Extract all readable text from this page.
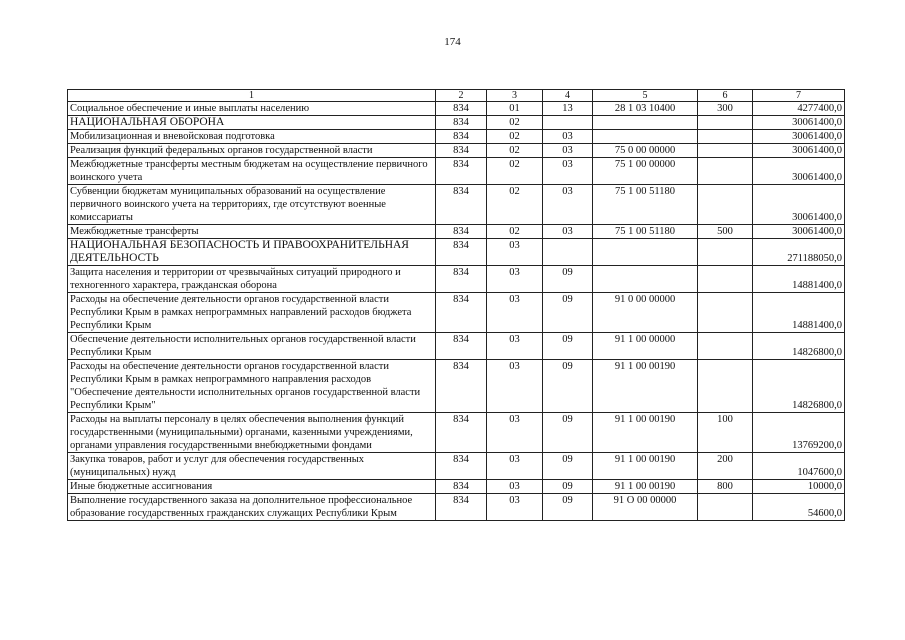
174
1	2	3	4	5	6	7
Социальное обеспечение и иные выплаты населению	834	01	13	28 1 03 10400	300	4277400,0
НАЦИОНАЛЬНАЯ ОБОРОНА	834	02				30061400,0
Мобилизационная и вневойсковая подготовка	834	02	03			30061400,0
Реализация функций федеральных органов государственной власти	834	02	03	75 0 00 00000		30061400,0
Межбюджетные трансферты местным бюджетам на осуществление первичного воинского учета	834	02	03	75 1 00 00000		30061400,0
Субвенции бюджетам муниципальных образований на осуществление первичного воинского учета на территориях, где отсутствуют военные комиссариаты	834	02	03	75 1 00 51180		30061400,0
Межбюджетные трансферты	834	02	03	75 1 00 51180	500	30061400,0
НАЦИОНАЛЬНАЯ БЕЗОПАСНОСТЬ И ПРАВООХРАНИТЕЛЬНАЯ ДЕЯТЕЛЬНОСТЬ	834	03				271188050,0
Защита населения и территории от чрезвычайных ситуаций природного и техногенного характера, гражданская оборона	834	03	09			14881400,0
Расходы на обеспечение деятельности органов государственной власти Республики Крым в рамках непрограммных направлений расходов бюджета Республики Крым	834	03	09	91 0 00 00000		14881400,0
Обеспечение деятельности исполнительных органов государственной власти Республики Крым	834	03	09	91 1 00 00000		14826800,0
Расходы на обеспечение деятельности органов государственной власти Республики Крым в рамках непрограммного направления расходов "Обеспечение деятельности исполнительных органов государственной власти Республики Крым"	834	03	09	91 1 00 00190		14826800,0
Расходы на выплаты персоналу в целях обеспечения выполнения функций государственными (муниципальными) органами, казенными учреждениями, органами управления государственными внебюджетными фондами	834	03	09	91 1 00 00190	100	13769200,0
Закупка товаров, работ и услуг для обеспечения государственных (муниципальных) нужд	834	03	09	91 1 00 00190	200	1047600,0
Иные бюджетные ассигнования	834	03	09	91 1 00 00190	800	10000,0
Выполнение государственного заказа на дополнительное профессиональное образование государственных гражданских служащих Республики Крым	834	03	09	91 О 00 00000		54600,0
